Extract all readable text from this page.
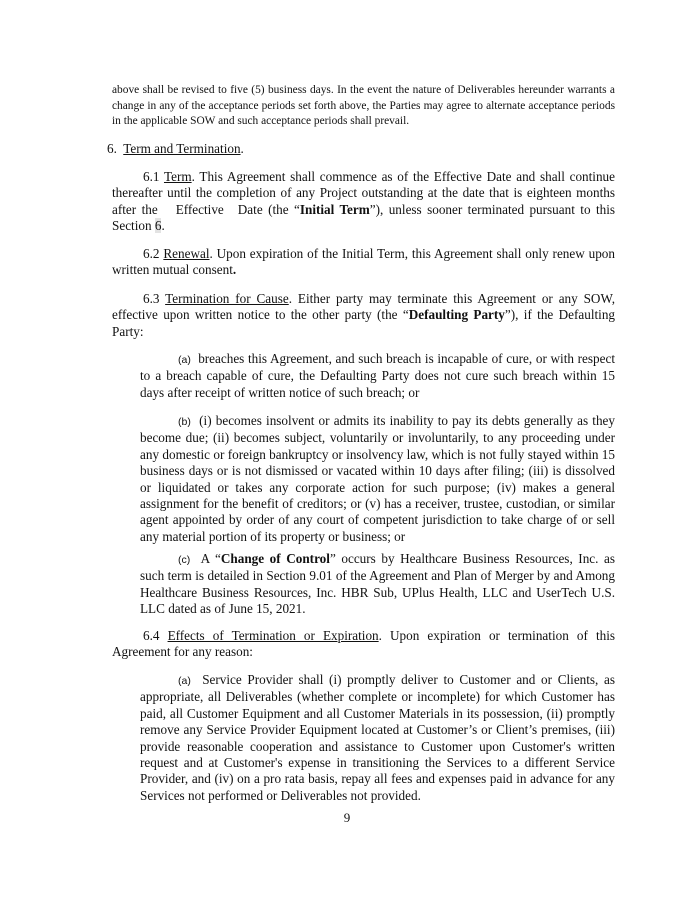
above shall be revised to five (5) business days. In the event the nature of Deliverables hereunder warrants a change in any of the acceptance periods set forth above, the Parties may agree to alternate acceptance periods in the applicable SOW and such acceptance periods shall prevail.

6. Term and Termination.

6.1 Term. This Agreement shall commence as of the Effective Date and shall continue thereafter until the completion of any Project outstanding at the date that is eighteen months after the Effective Date (the “Initial Term”), unless sooner terminated pursuant to this Section 6.

6.2 Renewal. Upon expiration of the Initial Term, this Agreement shall only renew upon written mutual consent.

6.3 Termination for Cause. Either party may terminate this Agreement or any SOW, effective upon written notice to the other party (the “Defaulting Party”), if the Defaulting Party:

(a) breaches this Agreement, and such breach is incapable of cure, or with respect to a breach capable of cure, the Defaulting Party does not cure such breach within 15 days after receipt of written notice of such breach; or

(b) (i) becomes insolvent or admits its inability to pay its debts generally as they become due; (ii) becomes subject, voluntarily or involuntarily, to any proceeding under any domestic or foreign bankruptcy or insolvency law, which is not fully stayed within 15 business days or is not dismissed or vacated within 10 days after filing; (iii) is dissolved or liquidated or takes any corporate action for such purpose; (iv) makes a general assignment for the benefit of creditors; or (v) has a receiver, trustee, custodian, or similar agent appointed by order of any court of competent jurisdiction to take charge of or sell any material portion of its property or business; or

(c) A “Change of Control” occurs by Healthcare Business Resources, Inc. as such term is detailed in Section 9.01 of the Agreement and Plan of Merger by and Among Healthcare Business Resources, Inc. HBR Sub, UPlus Health, LLC and UserTech U.S. LLC dated as of June 15, 2021.

6.4 Effects of Termination or Expiration. Upon expiration or termination of this Agreement for any reason:

(a) Service Provider shall (i) promptly deliver to Customer and or Clients, as appropriate, all Deliverables (whether complete or incomplete) for which Customer has paid, all Customer Equipment and all Customer Materials in its possession, (ii) promptly remove any Service Provider Equipment located at Customer’s or Client’s premises, (iii) provide reasonable cooperation and assistance to Customer upon Customer's written request and at Customer's expense in transitioning the Services to a different Service Provider, and (iv) on a pro rata basis, repay all fees and expenses paid in advance for any Services not performed or Deliverables not provided.

9
